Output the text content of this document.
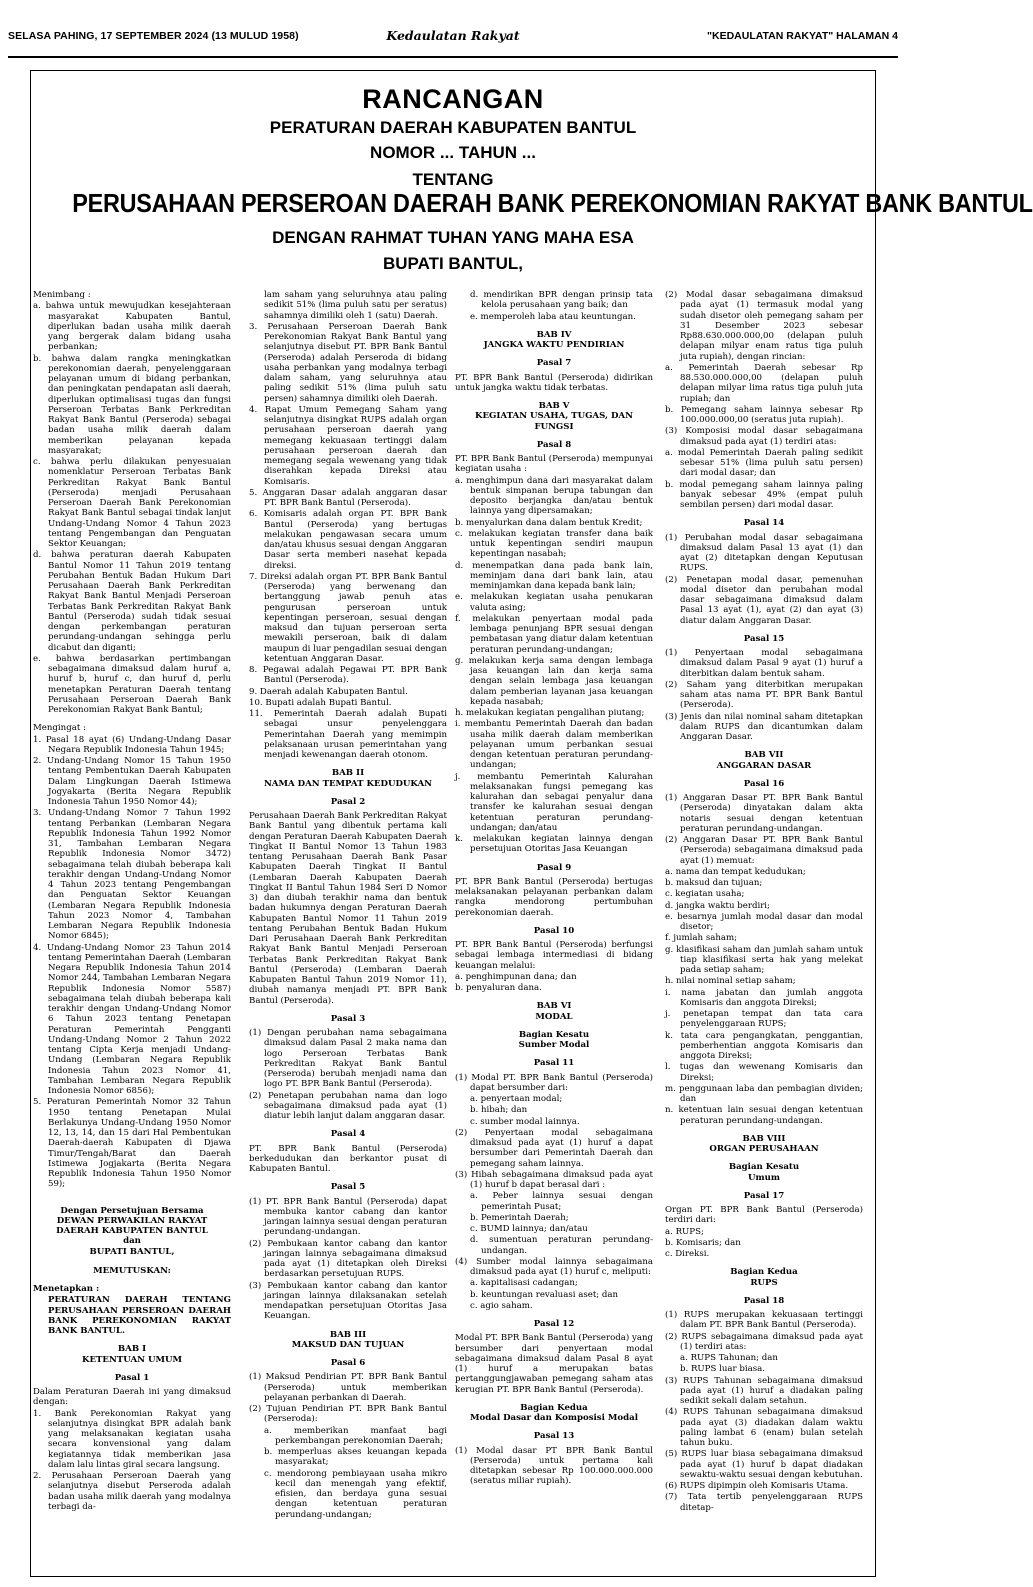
SELASA PAHING, 17 SEPTEMBER 2024 (13 MULUD 1958)	Kedaulatan Rakyat	"KEDAULATAN RAKYAT" HALAMAN 4
RANCANGAN
PERATURAN DAERAH KABUPATEN BANTUL
NOMOR ... TAHUN ...
TENTANG
PERUSAHAAN PERSEROAN DAERAH BANK PEREKONOMIAN RAKYAT BANK BANTUL
DENGAN RAHMAT TUHAN YANG MAHA ESA
BUPATI BANTUL,
Menimbang :
a. bahwa untuk mewujudkan kesejahteraan masyarakat Kabupaten Bantul, diperlukan badan usaha milik daerah yang bergerak dalam bidang usaha perbankan;
b. bahwa dalam rangka meningkatkan perekonomian daerah, penyelenggaraan pelayanan umum di bidang perbankan, dan peningkatan pendapatan asli daerah, diperlukan optimalisasi tugas dan fungsi Perseroan Terbatas Bank Perkreditan Rakyat Bank Bantul (Perseroda) sebagai badan usaha milik daerah dalam memberikan pelayanan kepada masyarakat;
c. bahwa perlu dilakukan penyesuaian nomenklatur Perseroan Terbatas Bank Perkreditan Rakyat Bank Bantul (Perseroda) menjadi Perusahaan Perseroan Daerah Bank Perekonomian Rakyat Bank Bantul sebagai tindak lanjut Undang-Undang Nomor 4 Tahun 2023 tentang Pengembangan dan Penguatan Sektor Keuangan;
d. bahwa peraturan daerah Kabupaten Bantul Nomor 11 Tahun 2019 tentang Perubahan Bentuk Badan Hukum Dari Perusahaan Daerah Bank Perkreditan Rakyat Bank Bantul Menjadi Perseroan Terbatas Bank Perkreditan Rakyat Bank Bantul (Perseroda) sudah tidak sesuai dengan perkembangan peraturan perundang-undangan sehingga perlu dicabut dan diganti;
e. bahwa berdasarkan pertimbangan sebagaimana dimaksud dalam huruf a, huruf b, huruf c, dan huruf d, perlu menetapkan Peraturan Daerah tentang Perusahaan Perseroan Daerah Bank Perekonomian Rakyat Bank Bantul;
Mengingat :
1. Pasal 18 ayat (6) Undang-Undang Dasar Negara Republik Indonesia Tahun 1945;
2. Undang-Undang Nomor 15 Tahun 1950 tentang Pembentukan Daerah Kabupaten Dalam Lingkungan Daerah Istimewa Jogyakarta (Berita Negara Republik Indonesia Tahun 1950 Nomor 44);
3. Undang-Undang Nomor 7 Tahun 1992 tentang Perbankan (Lembaran Negara Republik Indonesia Tahun 1992 Nomor 31, Tambahan Lembaran Negara Republik Indonesia Nomor 3472) sebagaimana telah diubah beberapa kali terakhir dengan Undang-Undang Nomor 4 Tahun 2023 tentang Pengembangan dan Penguatan Sektor Keuangan (Lembaran Negara Republik Indonesia Tahun 2023 Nomor 4, Tambahan Lembaran Negara Republik Indonesia Nomor 6845);
4. Undang-Undang Nomor 23 Tahun 2014 tentang Pemerintahan Daerah (Lembaran Negara Republik Indonesia Tahun 2014 Nomor 244, Tambahan Lembaran Negara Republik Indonesia Nomor 5587) sebagaimana telah diubah beberapa kali terakhir dengan Undang-Undang Nomor 6 Tahun 2023 tentang Penetapan Peraturan Pemerintah Pengganti Undang-Undang Nomor 2 Tahun 2022 tentang Cipta Kerja menjadi Undang-Undang (Lembaran Negara Republik Indonesia Tahun 2023 Nomor 41, Tambahan Lembaran Negara Republik Indonesia Nomor 6856);
5. Peraturan Pemerintah Nomor 32 Tahun 1950 tentang Penetapan Mulai Berlakunya Undang-Undang 1950 Nomor 12, 13, 14, dan 15 dari Hal Pembentukan Daerah-daerah Kabupaten di Djawa Timur/Tengah/Barat dan Daerah Istimewa Jogjakarta (Berita Negara Republik Indonesia Tahun 1950 Nomor 59);
Dengan Persetujuan Bersama
DEWAN PERWAKILAN RAKYAT
DAERAH KABUPATEN BANTUL
dan
BUPATI BANTUL,
MEMUTUSKAN:
Menetapkan :
PERATURAN DAERAH TENTANG PERUSAHAAN PERSEROAN DAERAH BANK PEREKONOMIAN RAKYAT BANK BANTUL.
BAB I
KETENTUAN UMUM
Pasal 1
Dalam Peraturan Daerah ini yang dimaksud dengan:
1. Bank Perekonomian Rakyat yang selanjutnya disingkat BPR adalah bank yang melaksanakan kegiatan usaha secara konvensional yang dalam kegiatannya tidak memberikan jasa dalam lalu lintas giral secara langsung.
2. Perusahaan Perseroan Daerah yang selanjutnya disebut Perseroda adalah badan usaha milik daerah yang modalnya terbagi da-
lam saham yang seluruhnya atau paling sedikit 51% (lima puluh satu per seratus) sahamnya dimiliki oleh 1 (satu) Daerah.
3. Perusahaan Perseroan Daerah Bank Perekonomian Rakyat Bank Bantul yang selanjutnya disebut PT. BPR Bank Bantul (Perseroda) adalah Perseroda di bidang usaha perbankan yang modalnya terbagi dalam saham, yang seluruhnya atau paling sedikit 51% (lima puluh satu persen) sahamnya dimiliki oleh Daerah.
4. Rapat Umum Pemegang Saham yang selanjutnya disingkat RUPS adalah organ perusahaan perseroan daerah yang memegang kekuasaan tertinggi dalam perusahaan perseroan daerah dan memegang segala wewenang yang tidak diserahkan kepada Direksi atau Komisaris.
5. Anggaran Dasar adalah anggaran dasar PT. BPR Bank Bantul (Perseroda).
6. Komisaris adalah organ PT. BPR Bank Bantul (Perseroda) yang bertugas melakukan pengawasan secara umum dan/atau khusus sesuai dengan Anggaran Dasar serta memberi nasehat kepada direksi.
7. Direksi adalah organ PT. BPR Bank Bantul (Perseroda) yang berwenang dan bertanggung jawab penuh atas pengurusan perseroan untuk kepentingan perseroan, sesuai dengan maksud dan tujuan perseroan serta mewakili perseroan, baik di dalam maupun di luar pengadilan sesuai dengan ketentuan Anggaran Dasar.
8. Pegawai adalah Pegawai PT. BPR Bank Bantul (Perseroda).
9. Daerah adalah Kabupaten Bantul.
10. Bupati adalah Bupati Bantul.
11. Pemerintah Daerah adalah Bupati sebagai unsur penyelenggara Pemerintahan Daerah yang memimpin pelaksanaan urusan pemerintahan yang menjadi kewenangan daerah otonom.
BAB II
NAMA DAN TEMPAT KEDUDUKAN
Pasal 2
Perusahaan Daerah Bank Perkreditan Rakyat Bank Bantul yang dibentuk pertama kali dengan Peraturan Daerah Kabupaten Daerah Tingkat II Bantul Nomor 13 Tahun 1983 tentang Perusahaan Daerah Bank Pasar Kabupaten Daerah Tingkat II Bantul (Lembaran Daerah Kabupaten Daerah Tingkat II Bantul Tahun 1984 Seri D Nomor 3) dan diubah terakhir nama dan bentuk badan hukumnya dengan Peraturan Daerah Kabupaten Bantul Nomor 11 Tahun 2019 tentang Perubahan Bentuk Badan Hukum Dari Perusahaan Daerah Bank Perkreditan Rakyat Bank Bantul Menjadi Perseroan Terbatas Bank Perkreditan Rakyat Bank Bantul (Perseroda) (Lembaran Daerah Kabupaten Bantul Tahun 2019 Nomor 11), diubah namanya menjadi PT. BPR Bank Bantul (Perseroda).
Pasal 3
(1) Dengan perubahan nama sebagaimana dimaksud dalam Pasal 2 maka nama dan logo Perseroan Terbatas Bank Perkreditan Rakyat Bank Bantul (Perseroda) berubah menjadi nama dan logo PT. BPR Bank Bantul (Perseroda).
(2) Penetapan perubahan nama dan logo sebagaimana dimaksud pada ayat (1) diatur lebih lanjut dalam anggaran dasar.
Pasal 4
PT. BPR Bank Bantul (Perseroda) berkedudukan dan berkantor pusat di Kabupaten Bantul.
Pasal 5
(1) PT. BPR Bank Bantul (Perseroda) dapat membuka kantor cabang dan kantor jaringan lainnya sesuai dengan peraturan perundang-undangan.
(2) Pembukaan kantor cabang dan kantor jaringan lainnya sebagaimana dimaksud pada ayat (1) ditetapkan oleh Direksi berdasarkan persetujuan RUPS.
(3) Pembukaan kantor cabang dan kantor jaringan lainnya dilaksanakan setelah mendapatkan persetujuan Otoritas Jasa Keuangan.
BAB III
MAKSUD DAN TUJUAN
Pasal 6
(1) Maksud Pendirian PT. BPR Bank Bantul (Perseroda) untuk memberikan pelayanan perbankan di Daerah.
(2) Tujuan Pendirian PT. BPR Bank Bantul (Perseroda):
a. memberikan manfaat bagi perkembangan perekonomian Daerah;
b. memperluas akses keuangan kepada masyarakat;
c. mendorong pembiayaan usaha mikro kecil dan menengah yang efektif, efisien, dan berdaya guna sesuai dengan ketentuan peraturan perundang-undangan;
d. mendirikan BPR dengan prinsip tata kelola perusahaan yang baik; dan
e. memperoleh laba atau keuntungan.
BAB IV
JANGKA WAKTU PENDIRIAN
Pasal 7
PT. BPR Bank Bantul (Perseroda) didirikan untuk jangka waktu tidak terbatas.
BAB V
KEGIATAN USAHA, TUGAS, DAN FUNGSI
Pasal 8
PT. BPR Bank Bantul (Perseroda) mempunyai kegiatan usaha :
a. menghimpun dana dari masyarakat dalam bentuk simpanan berupa tabungan dan deposito berjangka dan/atau bentuk lainnya yang dipersamakan;
b. menyalurkan dana dalam bentuk Kredit;
c. melakukan kegiatan transfer dana baik untuk kepentingan sendiri maupun kepentingan nasabah;
d. menempatkan dana pada bank lain, meminjam dana dari bank lain, atau meminjamkan dana kepada bank lain;
e. melakukan kegiatan usaha penukaran valuta asing;
f. melakukan penyertaan modal pada lembaga penunjang BPR sesuai dengan pembatasan yang diatur dalam ketentuan peraturan perundang-undangan;
g. melakukan kerja sama dengan lembaga jasa keuangan lain dan kerja sama dengan selain lembaga jasa keuangan dalam pemberian layanan jasa keuangan kepada nasabah;
h. melakukan kegiatan pengalihan piutang;
i. membantu Pemerintah Daerah dan badan usaha milik daerah dalam memberikan pelayanan umum perbankan sesuai dengan ketentuan peraturan perundang-undangan;
j. membantu Pemerintah Kalurahan melaksanakan fungsi pemegang kas kalurahan dan sebagai penyalur dana transfer ke kalurahan sesuai dengan ketentuan peraturan perundang-undangan; dan/atau
k. melakukan kegiatan lainnya dengan persetujuan Otoritas Jasa Keuangan
Pasal 9
PT. BPR Bank Bantul (Perseroda) bertugas melaksanakan pelayanan perbankan dalam rangka mendorong pertumbuhan perekonomian daerah.
Pasal 10
PT. BPR Bank Bantul (Perseroda) berfungsi sebagai lembaga intermediasi di bidang keuangan melalui:
a. penghimpunan dana; dan
b. penyaluran dana.
BAB VI
MODAL
Bagian Kesatu
Sumber Modal
Pasal 11
(1) Modal PT. BPR Bank Bantul (Perseroda) dapat bersumber dari:
a. penyertaan modal;
b. hibah; dan
c. sumber modal lainnya.
(2) Penyertaan modal sebagaimana dimaksud pada ayat (1) huruf a dapat bersumber dari Pemerintah Daerah dan pemegang saham lainnya.
(3) Hibah sebagaimana dimaksud pada ayat (1) huruf b dapat berasal dari :
a. Peber lainnya sesuai dengan pemerintah Pusat;
b. Pemerintah Daerah;
c. BUMD lainnya; dan/atau
d. sumentuan peraturan perundang-undangan.
(4) Sumber modal lainnya sebagaimana dimaksud pada ayat (1) huruf c, meliputi:
a. kapitalisasi cadangan;
b. keuntungan revaluasi aset; dan
c. agio saham.
Pasal 12
Modal PT. BPR Bank Bantul (Perseroda) yang bersumber dari penyertaan modal sebagaimana dimaksud dalam Pasal 8 ayat (1) huruf a merupakan batas pertanggungjawaban pemegang saham atas kerugian PT. BPR Bank Bantul (Perseroda).
Bagian Kedua
Modal Dasar dan Komposisi Modal
Pasal 13
(1) Modal dasar PT BPR Bank Bantul (Perseroda) untuk pertama kali ditetapkan sebesar Rp 100.000.000.000 (seratus miliar rupiah).
(2) Modal dasar sebagaimana dimaksud pada ayat (1) termasuk modal yang sudah disetor oleh pemegang saham per 31 Desember 2023 sebesar Rp88.630.000.000,00 (delapan puluh delapan milyar enam ratus tiga puluh juta rupiah), dengan rincian:
a. Pemerintah Daerah sebesar Rp 88.530.000.000,00 (delapan puluh delapan milyar lima ratus tiga puluh juta rupiah; dan
b. Pemegang saham lainnya sebesar Rp 100.000.000,00 (seratus juta rupiah).
(3) Komposisi modal dasar sebagaimana dimaksud pada ayat (1) terdiri atas:
a. modal Pemerintah Daerah paling sedikit sebesar 51% (lima puluh satu persen) dari modal dasar; dan
b. modal pemegang saham lainnya paling banyak sebesar 49% (empat puluh sembilan persen) dari modal dasar.
Pasal 14
(1) Perubahan modal dasar sebagaimana dimaksud dalam Pasal 13 ayat (1) dan ayat (2) ditetapkan dengan Keputusan RUPS.
(2) Penetapan modal dasar, pemenuhan modal disetor dan perubahan modal dasar sebagaimana dimaksud dalam Pasal 13 ayat (1), ayat (2) dan ayat (3) diatur dalam Anggaran Dasar.
Pasal 15
(1) Penyertaan modal sebagaimana dimaksud dalam Pasal 9 ayat (1) huruf a diterbitkan dalam bentuk saham.
(2) Saham yang diterbitkan merupakan saham atas nama PT. BPR Bank Bantul (Perseroda).
(3) Jenis dan nilai nominal saham ditetapkan dalam RUPS dan dicantumkan dalam Anggaran Dasar.
BAB VII
ANGGARAN DASAR
Pasal 16
(1) Anggaran Dasar PT. BPR Bank Bantul (Perseroda) dinyatakan dalam akta notaris sesuai dengan ketentuan peraturan perundang-undangan.
(2) Anggaran Dasar PT. BPR Bank Bantul (Perseroda) sebagaimana dimaksud pada ayat (1) memuat:
a. nama dan tempat kedudukan;
b. maksud dan tujuan;
c. kegiatan usaha;
d. jangka waktu berdiri;
e. besarnya jumlah modal dasar dan modal disetor;
f. jumlah saham;
g. klasifikasi saham dan jumlah saham untuk tiap klasifikasi serta hak yang melekat pada setiap saham;
h. nilai nominal setiap saham;
i. nama jabatan dan jumlah anggota Komisaris dan anggota Direksi;
j. penetapan tempat dan tata cara penyelenggaraan RUPS;
k. tata cara pengangkatan, penggantian, pemberhentian anggota Komisaris dan anggota Direksi;
l. tugas dan wewenang Komisaris dan Direksi;
m. penggunaan laba dan pembagian dividen; dan
n. ketentuan lain sesuai dengan ketentuan peraturan perundang-undangan.
BAB VIII
ORGAN PERUSAHAAN
Bagian Kesatu
Umum
Pasal 17
Organ PT. BPR Bank Bantul (Perseroda) terdiri dari:
a. RUPS;
b. Komisaris; dan
c. Direksi.
Bagian Kedua
RUPS
Pasal 18
(1) RUPS merupakan kekuasaan tertinggi dalam PT. BPR Bank Bantul (Perseroda).
(2) RUPS sebagaimana dimaksud pada ayat (1) terdiri atas:
a. RUPS Tahunan; dan
b. RUPS luar biasa.
(3) RUPS Tahunan sebagaimana dimaksud pada ayat (1) huruf a diadakan paling sedikit sekali dalam setahun.
(4) RUPS Tahunan sebagaimana dimaksud pada ayat (3) diadakan dalam waktu paling lambat 6 (enam) bulan setelah tahun buku.
(5) RUPS luar biasa sebagaimana dimaksud pada ayat (1) huruf b dapat diadakan sewaktu-waktu sesuai dengan kebutuhan.
(6) RUPS dipimpin oleh Komisaris Utama.
(7) Tata tertib penyelenggaraan RUPS ditetap-
